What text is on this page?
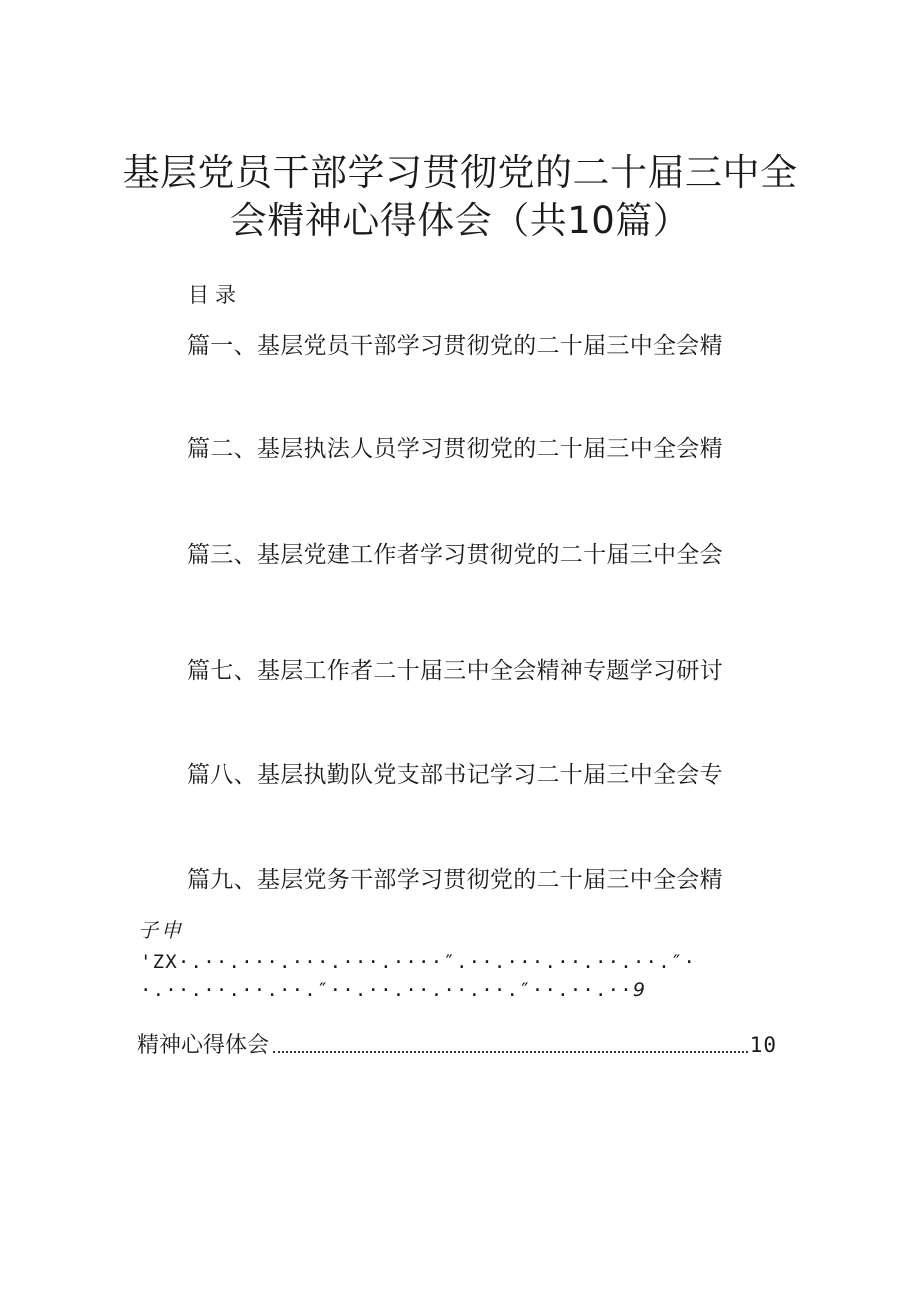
基层党员干部学习贯彻党的二十届三中全
会精神心得体会（共10篇）
目录
篇一、基层党员干部学习贯彻党的二十届三中全会精
篇二、基层执法人员学习贯彻党的二十届三中全会精
篇三、基层党建工作者学习贯彻党的二十届三中全会
篇七、基层工作者二十届三中全会精神专题学习研讨
篇八、基层执勤队党支部书记学习二十届三中全会专
篇九、基层党务干部学习贯彻党的二十届三中全会精
子申
'ZX·.··.···.···.···.····″.··.···.··.··.··.″·
·.··.··.··.··.″··.··.··.··.··.″··.··.··9
精神心得体会	10
